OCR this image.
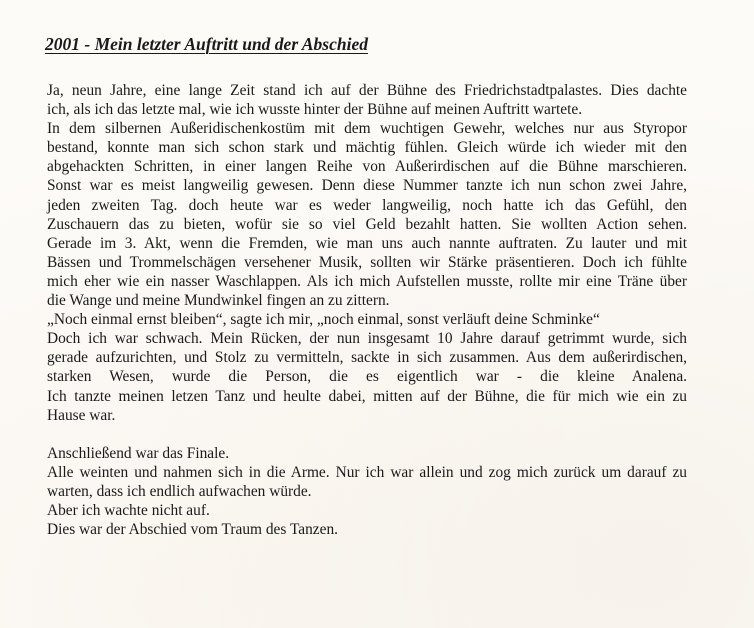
2001 - Mein letzter Auftritt und der Abschied
Ja, neun Jahre, eine lange Zeit stand ich auf der Bühne des Friedrichstadtpalastes. Dies dachte
ich, als ich das letzte mal, wie ich wusste hinter der Bühne auf meinen Auftritt wartete.
In dem silbernen Außeridischenkostüm mit dem wuchtigen Gewehr, welches nur aus Styropor
bestand, konnte man sich schon stark und mächtig fühlen. Gleich würde ich wieder mit den
abgehackten Schritten, in einer langen Reihe von Außerirdischen auf die Bühne marschieren.
Sonst war es meist langweilig gewesen. Denn diese Nummer tanzte ich nun schon zwei Jahre,
jeden zweiten Tag. doch heute war es weder langweilig, noch hatte ich das Gefühl, den
Zuschauern das zu bieten, wofür sie so viel Geld bezahlt hatten. Sie wollten Action sehen.
Gerade im 3. Akt, wenn die Fremden, wie man uns auch nannte auftraten. Zu lauter und mit
Bässen und Trommelschägen versehener Musik, sollten wir Stärke präsentieren. Doch ich fühlte
mich eher wie ein nasser Waschlappen. Als ich mich Aufstellen musste, rollte mir eine Träne über
die Wange und meine Mundwinkel fingen an zu zittern.
„Noch einmal ernst bleiben“, sagte ich mir, „noch einmal, sonst verläuft deine Schminke“
Doch ich war schwach. Mein Rücken, der nun insgesamt 10 Jahre darauf getrimmt wurde, sich
gerade aufzurichten, und Stolz zu vermitteln, sackte in sich zusammen. Aus dem außerirdischen,
starken Wesen, wurde die Person, die es eigentlich war - die kleine Analena.
Ich tanzte meinen letzen Tanz und heulte dabei, mitten auf der Bühne, die für mich wie ein zu
Hause war.
Anschließend war das Finale.
Alle weinten und nahmen sich in die Arme. Nur ich war allein und zog mich zurück um darauf zu
warten, dass ich endlich aufwachen würde.
Aber ich wachte nicht auf.
Dies war der Abschied vom Traum des Tanzen.
